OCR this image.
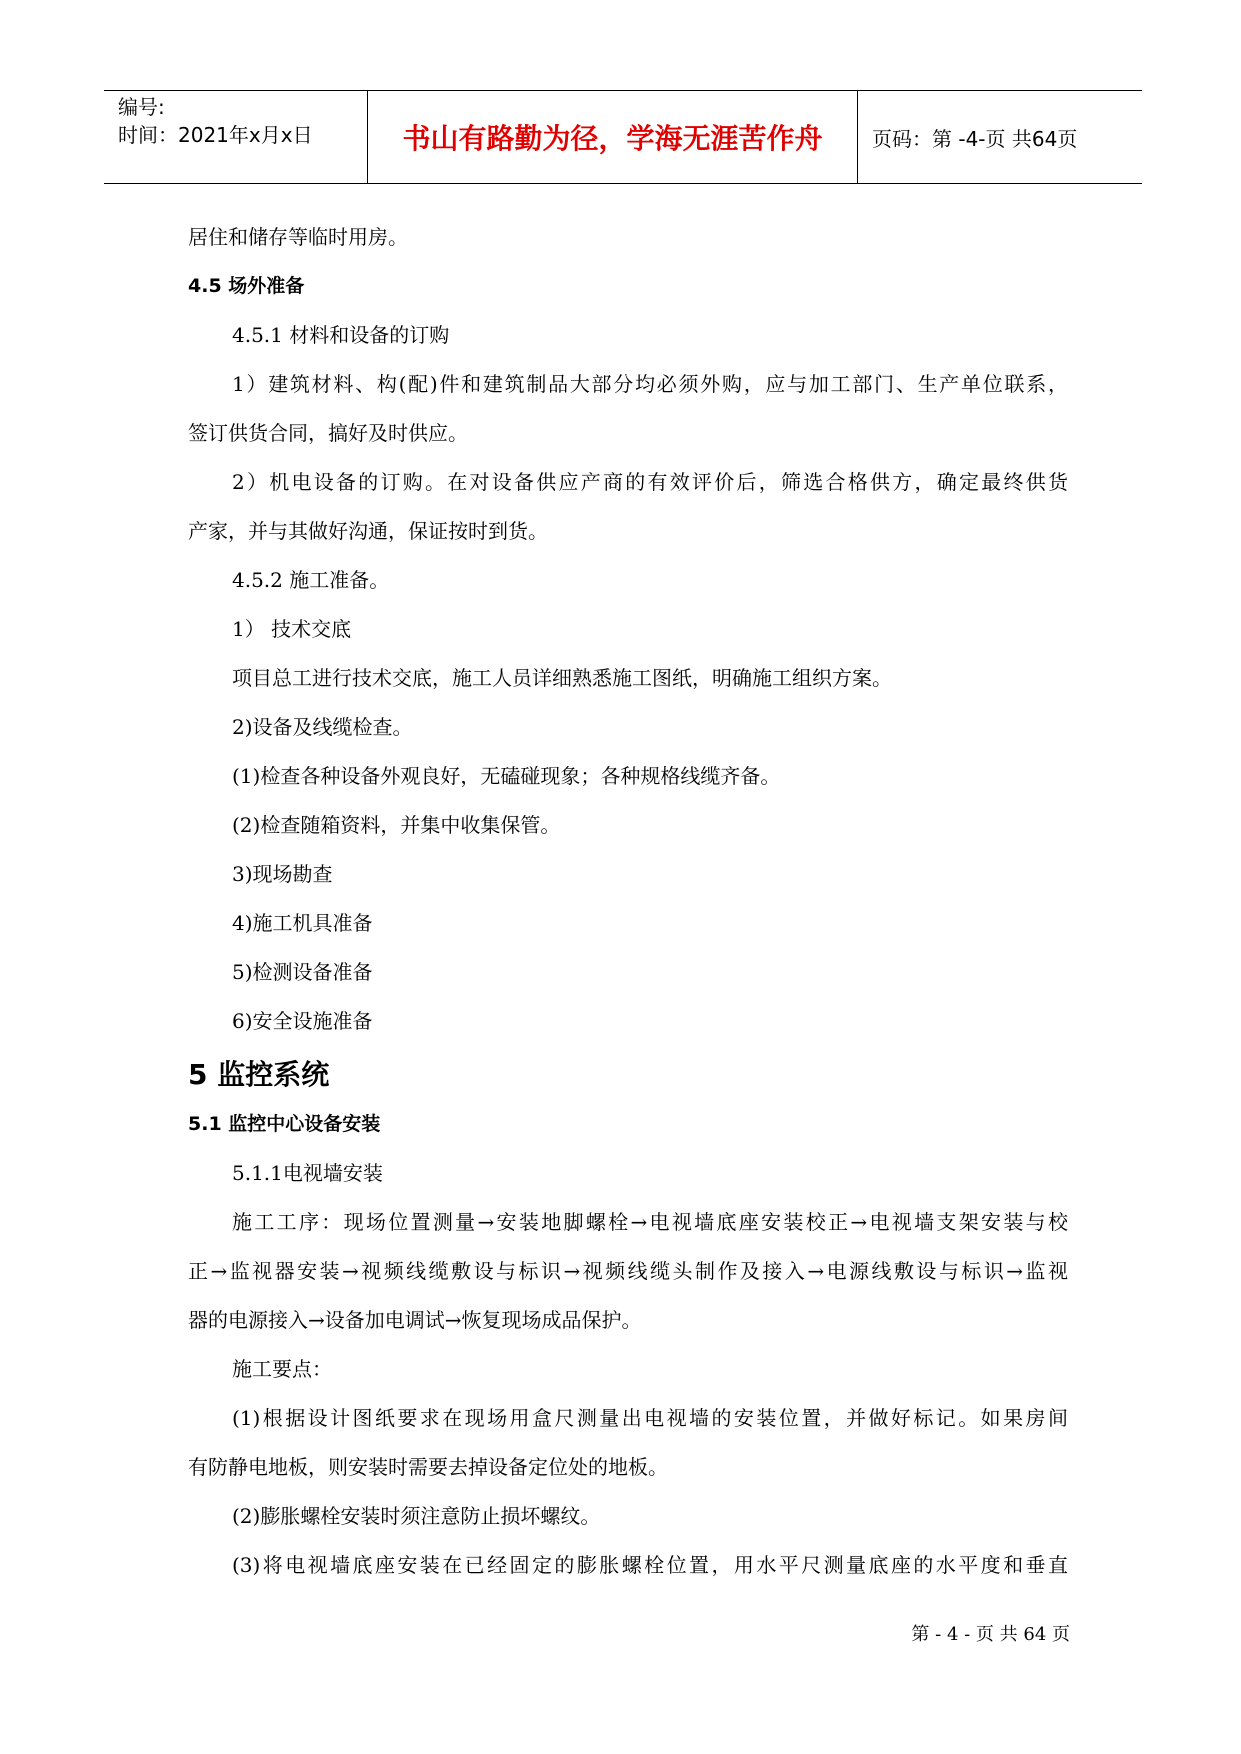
编号:
时间：2021年x月x日	书山有路勤为径，学海无涯苦作舟	页码：第 -4-页 共64页
居住和储存等临时用房。
4.5 场外准备
4.5.1 材料和设备的订购
1）建筑材料、构(配)件和建筑制品大部分均必须外购，应与加工部门、生产单位联系，
签订供货合同，搞好及时供应。
2）机电设备的订购。在对设备供应产商的有效评价后，筛选合格供方，确定最终供货
产家，并与其做好沟通，保证按时到货。
4.5.2 施工准备。
1） 技术交底
项目总工进行技术交底，施工人员详细熟悉施工图纸，明确施工组织方案。
2)设备及线缆检查。
(1)检查各种设备外观良好，无磕碰现象；各种规格线缆齐备。
(2)检查随箱资料，并集中收集保管。
3)现场勘查
4)施工机具准备
5)检测设备准备
6)安全设施准备
5 监控系统
5.1 监控中心设备安装
5.1.1电视墙安装
施工工序：现场位置测量→安装地脚螺栓→电视墙底座安装校正→电视墙支架安装与校
正→监视器安装→视频线缆敷设与标识→视频线缆头制作及接入→电源线敷设与标识→监视
器的电源接入→设备加电调试→恢复现场成品保护。
施工要点：
(1)根据设计图纸要求在现场用盒尺测量出电视墙的安装位置，并做好标记。如果房间
有防静电地板，则安装时需要去掉设备定位处的地板。
(2)膨胀螺栓安装时须注意防止损坏螺纹。
(3)将电视墙底座安装在已经固定的膨胀螺栓位置，用水平尺测量底座的水平度和垂直
第 - 4 - 页 共 64 页
